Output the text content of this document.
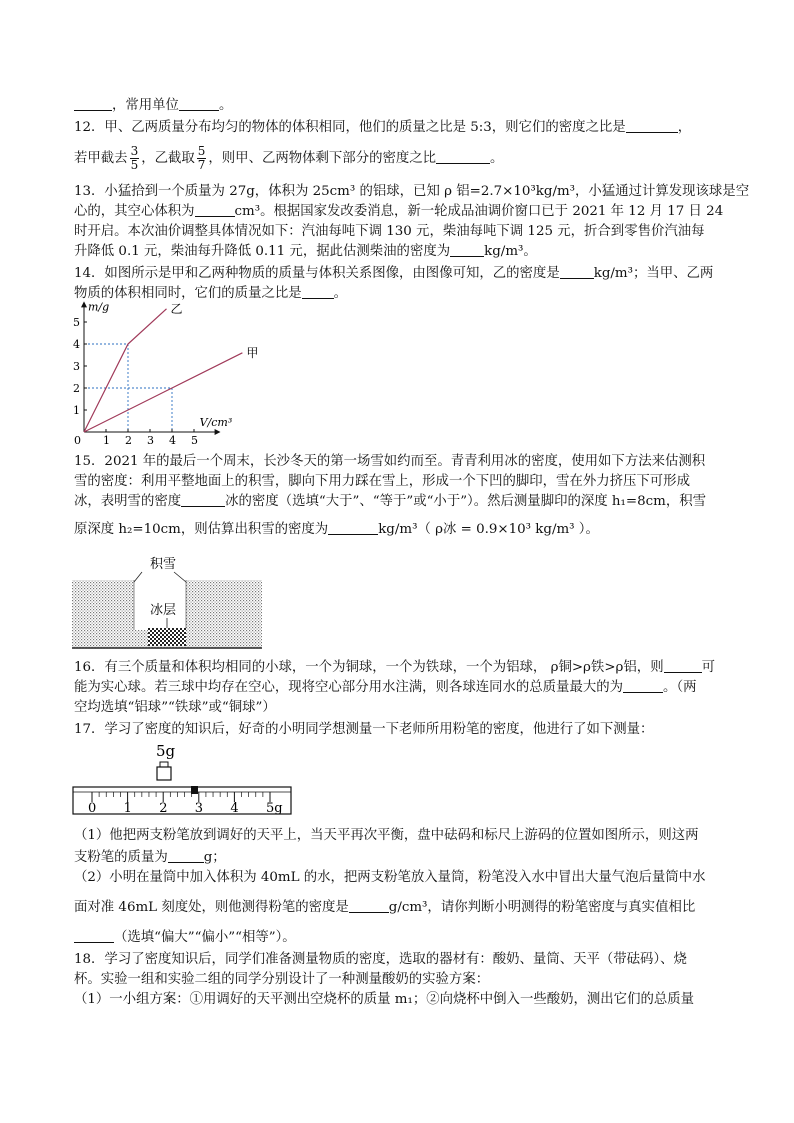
，常用单位	。
12．甲、乙两质量分布均匀的物体的体积相同，他们的质量之比是 5:3，则它们的密度之比是	，
若甲截去 $\frac{3}{5}$ ，乙截取 $\frac{5}{7}$ ，则甲、乙两物体剩下部分的密度之比	。
13．小猛拾到一个质量为 27g，体积为 25cm³ 的铝球，已知 ρ 铝=2.7×10³kg/m³，小猛通过计算发现该球是空
心的，其空心体积为	cm³。根据国家发改委消息，新一轮成品油调价窗口已于 2021 年 12 月 17 日 24
时开启。本次油价调整具体情况如下：汽油每吨下调 130 元，柴油每吨下调 125 元，折合到零售价汽油每
升降低 0.1 元，柴油每升降低 0.11 元，据此估测柴油的密度为	kg/m³。
14．如图所示是甲和乙两种物质的质量与体积关系图像，由图像可知，乙的密度是	kg/m³；当甲、乙两
物质的体积相同时，它们的质量之比是 。
1 2 3 4 5
1
2
3
4
5
乙
甲
m/g
V/cm³
0
15．2021 年的最后一个周末，长沙冬天的第一场雪如约而至。青青利用冰的密度，使用如下方法来估测积
雪的密度：利用平整地面上的积雪，脚向下用力踩在雪上，形成一个下凹的脚印，雪在外力挤压下可形成
冰，表明雪的密度	冰的密度（选填“大于”、“等于”或“小于”）。然后测量脚印的深度 h₁=8cm，积雪
原深度 h₂=10cm，则估算出积雪的密度为	kg/m³（ ρ冰 = 0.9×10³ kg/m³ ）。
积雪
冰层
16．有三个质量和体积均相同的小球，一个为铜球，一个为铁球，一个为铝球， ρ铜>ρ铁>ρ铝，则	可
能为实心球。若三球中均存在空心，现将空心部分用水注满，则各球连同水的总质量最大的为	。（两
空均选填“铝球”“铁球”或“铜球”）
17．学习了密度的知识后，好奇的小明同学想测量一下老师所用粉笔的密度，他进行了如下测量：
5g
0 1 2 3 4 5g
（1）他把两支粉笔放到调好的天平上，当天平再次平衡，盘中砝码和标尺上游码的位置如图所示，则这两
支粉笔的质量为	g；
（2）小明在量筒中加入体积为 40mL 的水，把两支粉笔放入量筒，粉笔没入水中冒出大量气泡后量筒中水
面对准 46mL 刻度处，则他测得粉笔的密度是	g/cm³，请你判断小明测得的粉笔密度与真实值相比
（选填“偏大”“偏小”“相等”）。
18．学习了密度知识后，同学们准备测量物质的密度，选取的器材有：酸奶、量筒、天平（带砝码）、烧
杯。实验一组和实验二组的同学分别设计了一种测量酸奶的实验方案：
（1）一小组方案：①用调好的天平测出空烧杯的质量 m₁；②向烧杯中倒入一些酸奶，测出它们的总质量
